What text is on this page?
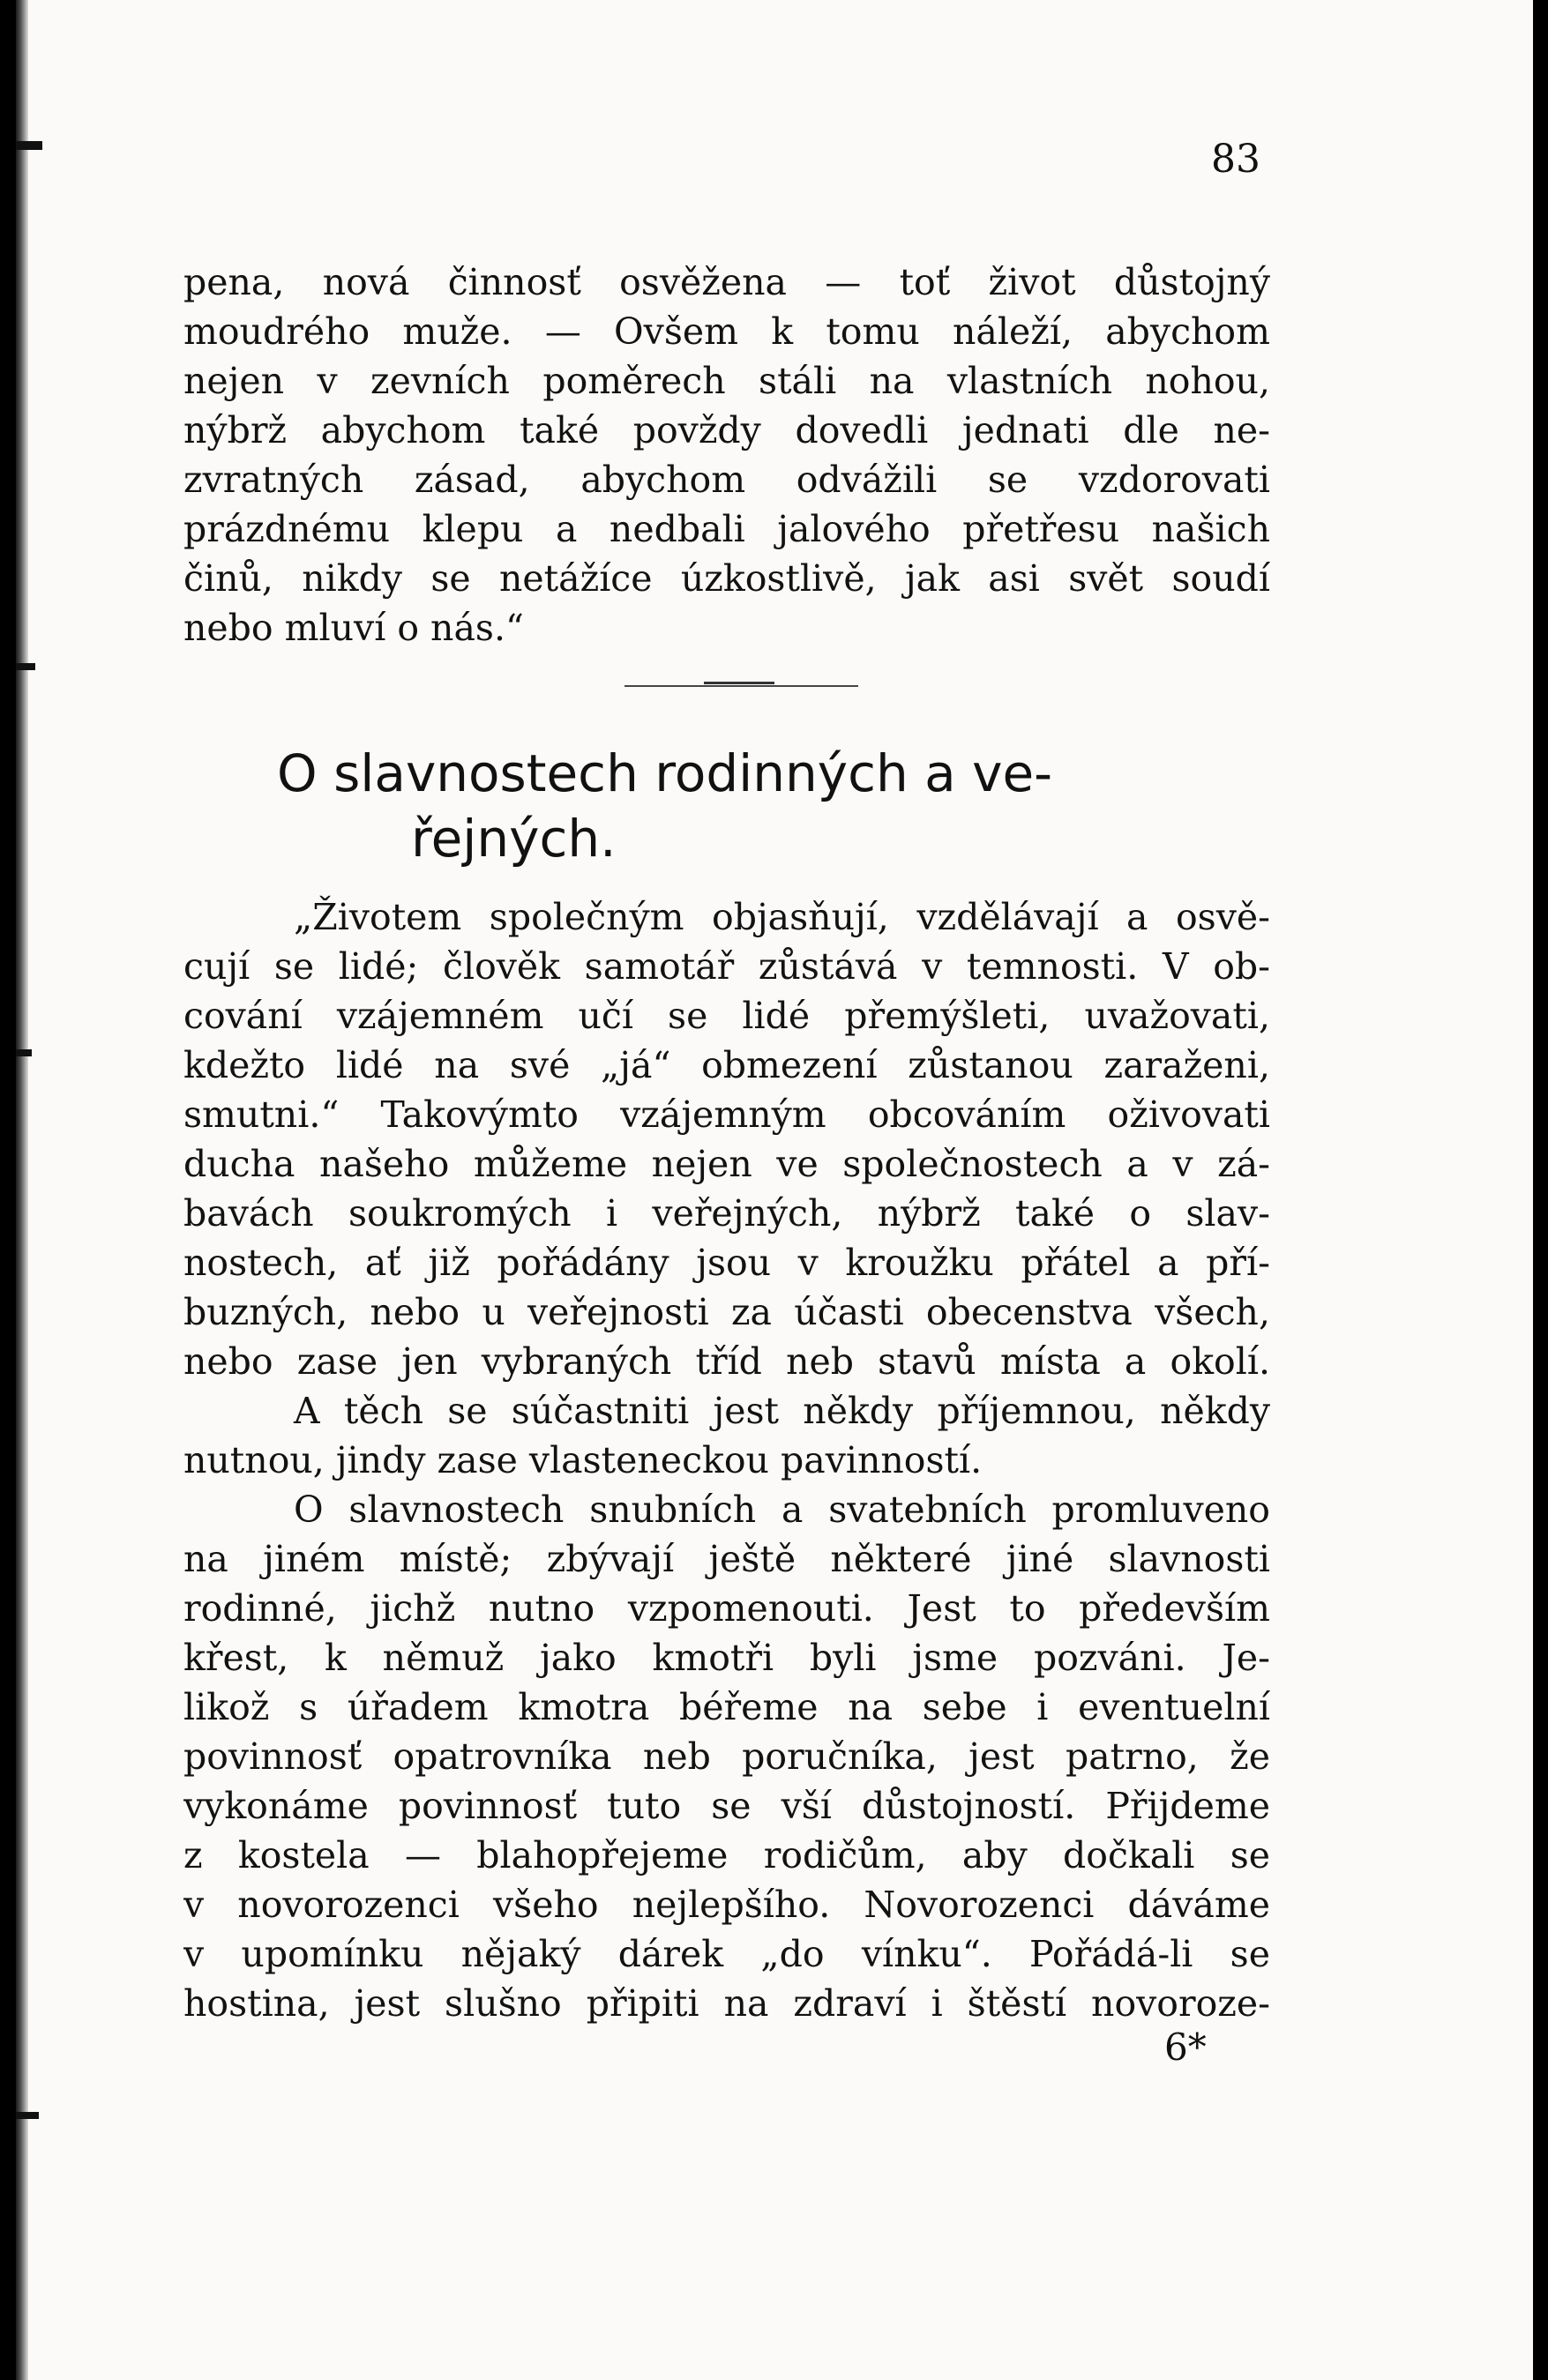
83
pena, nová činnosť osvěžena — toť život důstojný
moudrého muže. — Ovšem k tomu náleží, abychom
nejen v zevních poměrech stáli na vlastních nohou,
nýbrž abychom také povždy dovedli jednati dle ne-
zvratných zásad, abychom odvážili se vzdorovati
prázdnému klepu a nedbali jalového přetřesu našich
činů, nikdy se netážíce úzkostlivě, jak asi svět soudí
nebo mluví o nás.“
O slavnostech rodinných a ve-
řejných.
„Životem společným objasňují, vzdělávají a osvě-
cují se lidé; člověk samotář zůstává v temnosti. V ob-
cování vzájemném učí se lidé přemýšleti, uvažovati,
kdežto lidé na své „já“ obmezení zůstanou zaraženi,
smutni.“ Takovýmto vzájemným obcováním oživovati
ducha našeho můžeme nejen ve společnostech a v zá-
bavách soukromých i veřejných, nýbrž také o slav-
nostech, ať již pořádány jsou v kroužku přátel a pří-
buzných, nebo u veřejnosti za účasti obecenstva všech,
nebo zase jen vybraných tříd neb stavů místa a okolí.
A těch se súčastniti jest někdy příjemnou, někdy
nutnou, jindy zase vlasteneckou pavinností.
O slavnostech snubních a svatebních promluveno
na jiném místě; zbývají ještě některé jiné slavnosti
rodinné, jichž nutno vzpomenouti. Jest to především
křest, k němuž jako kmotři byli jsme pozváni. Je-
likož s úřadem kmotra béřeme na sebe i eventuelní
povinnosť opatrovníka neb poručníka, jest patrno, že
vykonáme povinnosť tuto se vší důstojností. Přijdeme
z kostela — blahopřejeme rodičům, aby dočkali se
v novorozenci všeho nejlepšího. Novorozenci dáváme
v upomínku nějaký dárek „do vínku“. Pořádá-li se
hostina, jest slušno připiti na zdraví i štěstí novoroze-
6*
